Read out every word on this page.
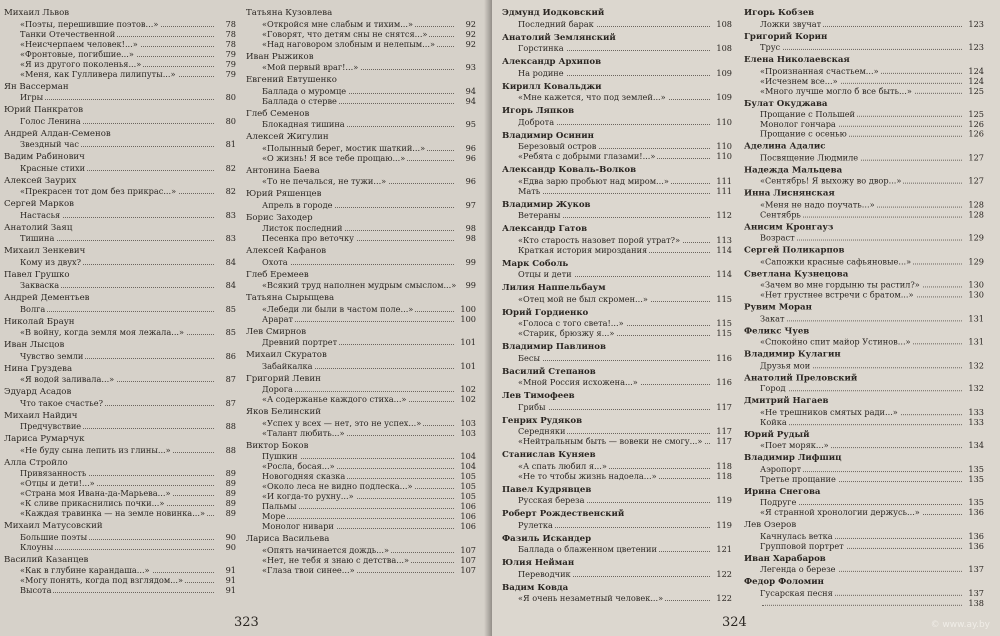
Михаил Львов
«Поэты, перешившие поэтов...»	78
Танки Отечественной	78
«Неисчерпаем человек!...»	78
«Фронтовые, погибшие...»	79
«Я из другого поколенья...»	79
«Меня, как Гулливера лилипуты...»	79
Ян Вассерман
Игры	80
Юрий Панкратов
Голос Ленина	80
Андрей Алдан-Семенов
Звездный час	81
Вадим Рабинович
Красные стихи	82
Алексей Заурих
«Прекрасен тот дом без прикрас...»	82
Сергей Марков
Настасья	83
Анатолий Заяц
Тишина	83
Михаил Зенкевич
Кому из двух?	84
Павел Грушко
Закваска	84
Андрей Дементьев
Волга	85
Николай Браун
«В войну, когда земля моя лежала...»	85
Иван Лысцов
Чувство земли	86
Нина Груздева
«Я водой заливала...»	87
Эдуард Асадов
Что такое счастье?	87
Михаил Найдич
Предчувствие	88
Лариса Румарчук
«Не буду сына лепить из глины...»	88
Алла Стройло
Привязанность	89
«Отцы и дети!...»	89
«Страна моя Ивана-да-Марьева...»	89
«К сливе прикаснились почки...»	89
«Каждая травинка — на земле новинка...»	89
Михаил Матусовский
Большие поэты	90
Клоуны	90
Василий Казанцев
«Как в глубине карандаша...»	91
«Могу понять, когда под взглядом...»	91
Высота	91
Татьяна Кузовлева
«Откройся мне слабым и тихим...»	92
«Говорят, что детям сны не снятся...»	92
«Над наговором злобным и нелепым...»	92
Иван Рыжиков
«Мой первый враг!...»	93
Евгений Евтушенко
Баллада о муромце	94
Баллада о стерве	94
Глеб Семенов
Блокадная тишина	95
Алексей Жигулин
«Полынный берег, мостик шаткий...»	96
«О жизнь! Я все тебе прощаю...»	96
Антонина Баева
«То не печалься, не тужи...»	96
Юрий Ряшенцев
Апрель в городе	97
Борис Заходер
Листок последний	98
Песенка про веточку	98
Алексей Кафанов
Охота	99
Глеб Еремеев
«Всякий труд наполнен мудрым смыслом...» 99
Татьяна Сырыщева
«Лебеди ли были в частом поле...»	100
Арарат	100
Лев Смирнов
Древний портрет	101
Михаил Скуратов
Забайкалка	101
Григорий Левин
Дорога	102
«А содержанье каждого стиха...»	102
Яков Белинский
«Успех у всех — нет, это не успех...»	103
«Талант любить...»	103
Виктор Боков
Пушкин	104
«Росла, босая...»	104
Новогодняя сказка	105
«Около леса не видно подлеска...»	105
«И когда-то рухну...»	105
Пальмы	106
Море	106
Монолог нивари	106
Лариса Васильева
«Опять начинается дождь...»	107
«Нет, не тебя я знаю с детства...»	107
«Глаза твои синее...»	107
323
Эдмунд Иодковский
Последний барак	108
Анатолий Землянский
Горстинка	108
Александр Архипов
На родине	109
Кирилл Ковальджи
«Мне кажется, что под землей...»	109
Игорь Ляпков
Доброта	110
Владимир Осинин
Березовый остров	110
«Ребята с добрыми глазами!...»	110
Александр Коваль-Волков
«Едва зарю пробьют над миром...»	111
Мать	111
Владимир Жуков
Ветераны	112
Александр Гатов
«Кто старость назовет порой утрат?»	113
Краткая история мироздания	114
Марк Соболь
Отцы и дети	114
Лилия Наппельбаум
«Отец мой не был скромен...»	115
Юрий Гордиенко
«Голоса с того света!...»	115
«Старик, брюзжу я...»	115
Владимир Павлинов
Бесы	116
Василий Степанов
«Мной Россия исхожена...»	116
Лев Тимофеев
Грибы	117
Генрих Рудяков
Середняки	117
«Нейтральным быть — вовеки не смогу...» 117
Станислав Куняев
«А спать любил я...»	118
«Не то чтобы жизнь надоела...»	118
Павел Кудрявцев
Русская береза	119
Роберт Рождественский
Рулетка	119
Фазиль Искандер
Баллада о блаженном цветении	121
Юлия Нейман
Переводчик	122
Вадим Ковда
«Я очень незаметный человек...»	122
Игорь Кобзев
Ложки звучат	123
Григорий Корин
Трус	123
Елена Николаевская
«Произнанная счастьем...»	124
«Исчезнем все...»	124
«Много лучше могло б все быть...»	125
Булат Окуджава
Прощание с Польшей	125
Монолог гончара	126
Прощание с осенью	126
Аделина Адалис
Посвящение Людмиле	127
Надежда Мальцева
«Сентябрь! Я выхожу во двор...»	127
Инна Лиснянская
«Меня не надо поучать...»	128
Сентябрь	128
Анисим Кронгауз
Возраст	129
Сергей Поликарпов
«Сапожки красные сафьяновые...»	129
Светлана Кузнецова
«Зачем во мне гордыню ты растил?»	130
«Нет грустнее встречи с братом...»	130
Рувим Моран
Закат	131
Феликс Чуев
«Спокойно спит майор Устинов...»	131
Владимир Кулагин
Друзья мои	132
Анатолий Преловский
Город	132
Дмитрий Нагаев
«Не трешников смятых ради...»	133
Койка	133
Юрий Рудый
«Поет моряк...»	134
Владимир Лифшиц
Аэропорт	135
Третье прощание	135
Ирина Снегова
Подруге	135
«Я странной хронологии держусь...»	136
Лев Озеров
Качнулась ветка	136
Групповой портрет	136
Иван Харабаров
Легенда о березе	137
Федор Фоломин
Гусарская песня	137
138
324	© www.ay.by
